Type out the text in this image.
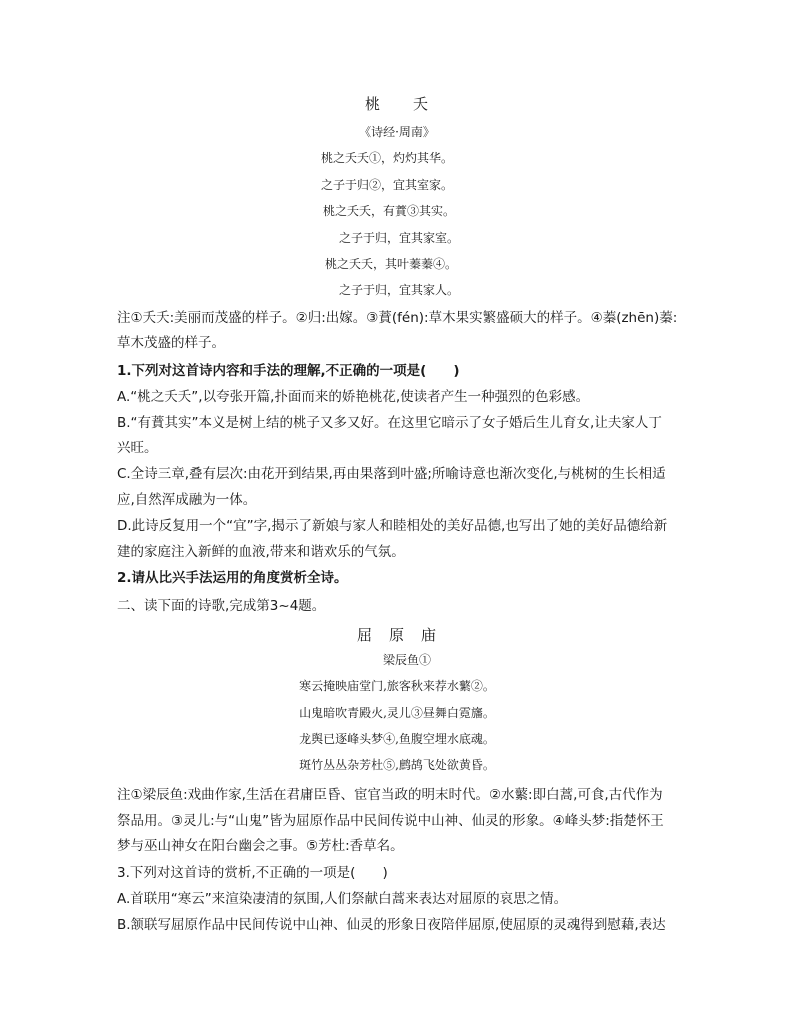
桃　　夭

《诗经·周南》

桃之夭夭①，灼灼其华。

之子于归②，宜其室家。

桃之夭夭，有蕡③其实。

之子于归，宜其家室。

桃之夭夭，其叶蓁蓁④。

之子于归，宜其家人。

注①夭夭:美丽而茂盛的样子。②归:出嫁。③蕡(fén):草木果实繁盛硕大的样子。④蓁(zhēn)蓁:

草木茂盛的样子。

1.下列对这首诗内容和手法的理解,不正确的一项是(　　)

A.“桃之夭夭”,以夸张开篇,扑面而来的娇艳桃花,使读者产生一种强烈的色彩感。

B.“有蕡其实”本义是树上结的桃子又多又好。在这里它暗示了女子婚后生儿育女,让夫家人丁

兴旺。

C.全诗三章,叠有层次:由花开到结果,再由果落到叶盛;所喻诗意也渐次变化,与桃树的生长相适

应,自然浑成融为一体。

D.此诗反复用一个“宜”字,揭示了新娘与家人和睦相处的美好品德,也写出了她的美好品德给新

建的家庭注入新鲜的血液,带来和谐欢乐的气氛。

2.请从比兴手法运用的角度赏析全诗。

二、读下面的诗歌,完成第3~4题。

屈　原　庙

梁辰鱼①

寒云掩映庙堂门,旅客秋来荐水蘩②。

山鬼暗吹青殿火,灵儿③昼舞白霓旛。

龙舆已逐峰头梦④,鱼腹空埋水底魂。

斑竹丛丛杂芳杜⑤,鹧鸪飞处欲黄昏。

注①梁辰鱼:戏曲作家,生活在君庸臣昏、宦官当政的明末时代。②水蘩:即白蒿,可食,古代作为

祭品用。③灵儿:与“山鬼”皆为屈原作品中民间传说中山神、仙灵的形象。④峰头梦:指楚怀王

梦与巫山神女在阳台幽会之事。⑤芳杜:香草名。

3.下列对这首诗的赏析,不正确的一项是(　　)

A.首联用“寒云”来渲染凄清的氛围,人们祭献白蒿来表达对屈原的哀思之情。

B.颔联写屈原作品中民间传说中山神、仙灵的形象日夜陪伴屈原,使屈原的灵魂得到慰藉,表达
